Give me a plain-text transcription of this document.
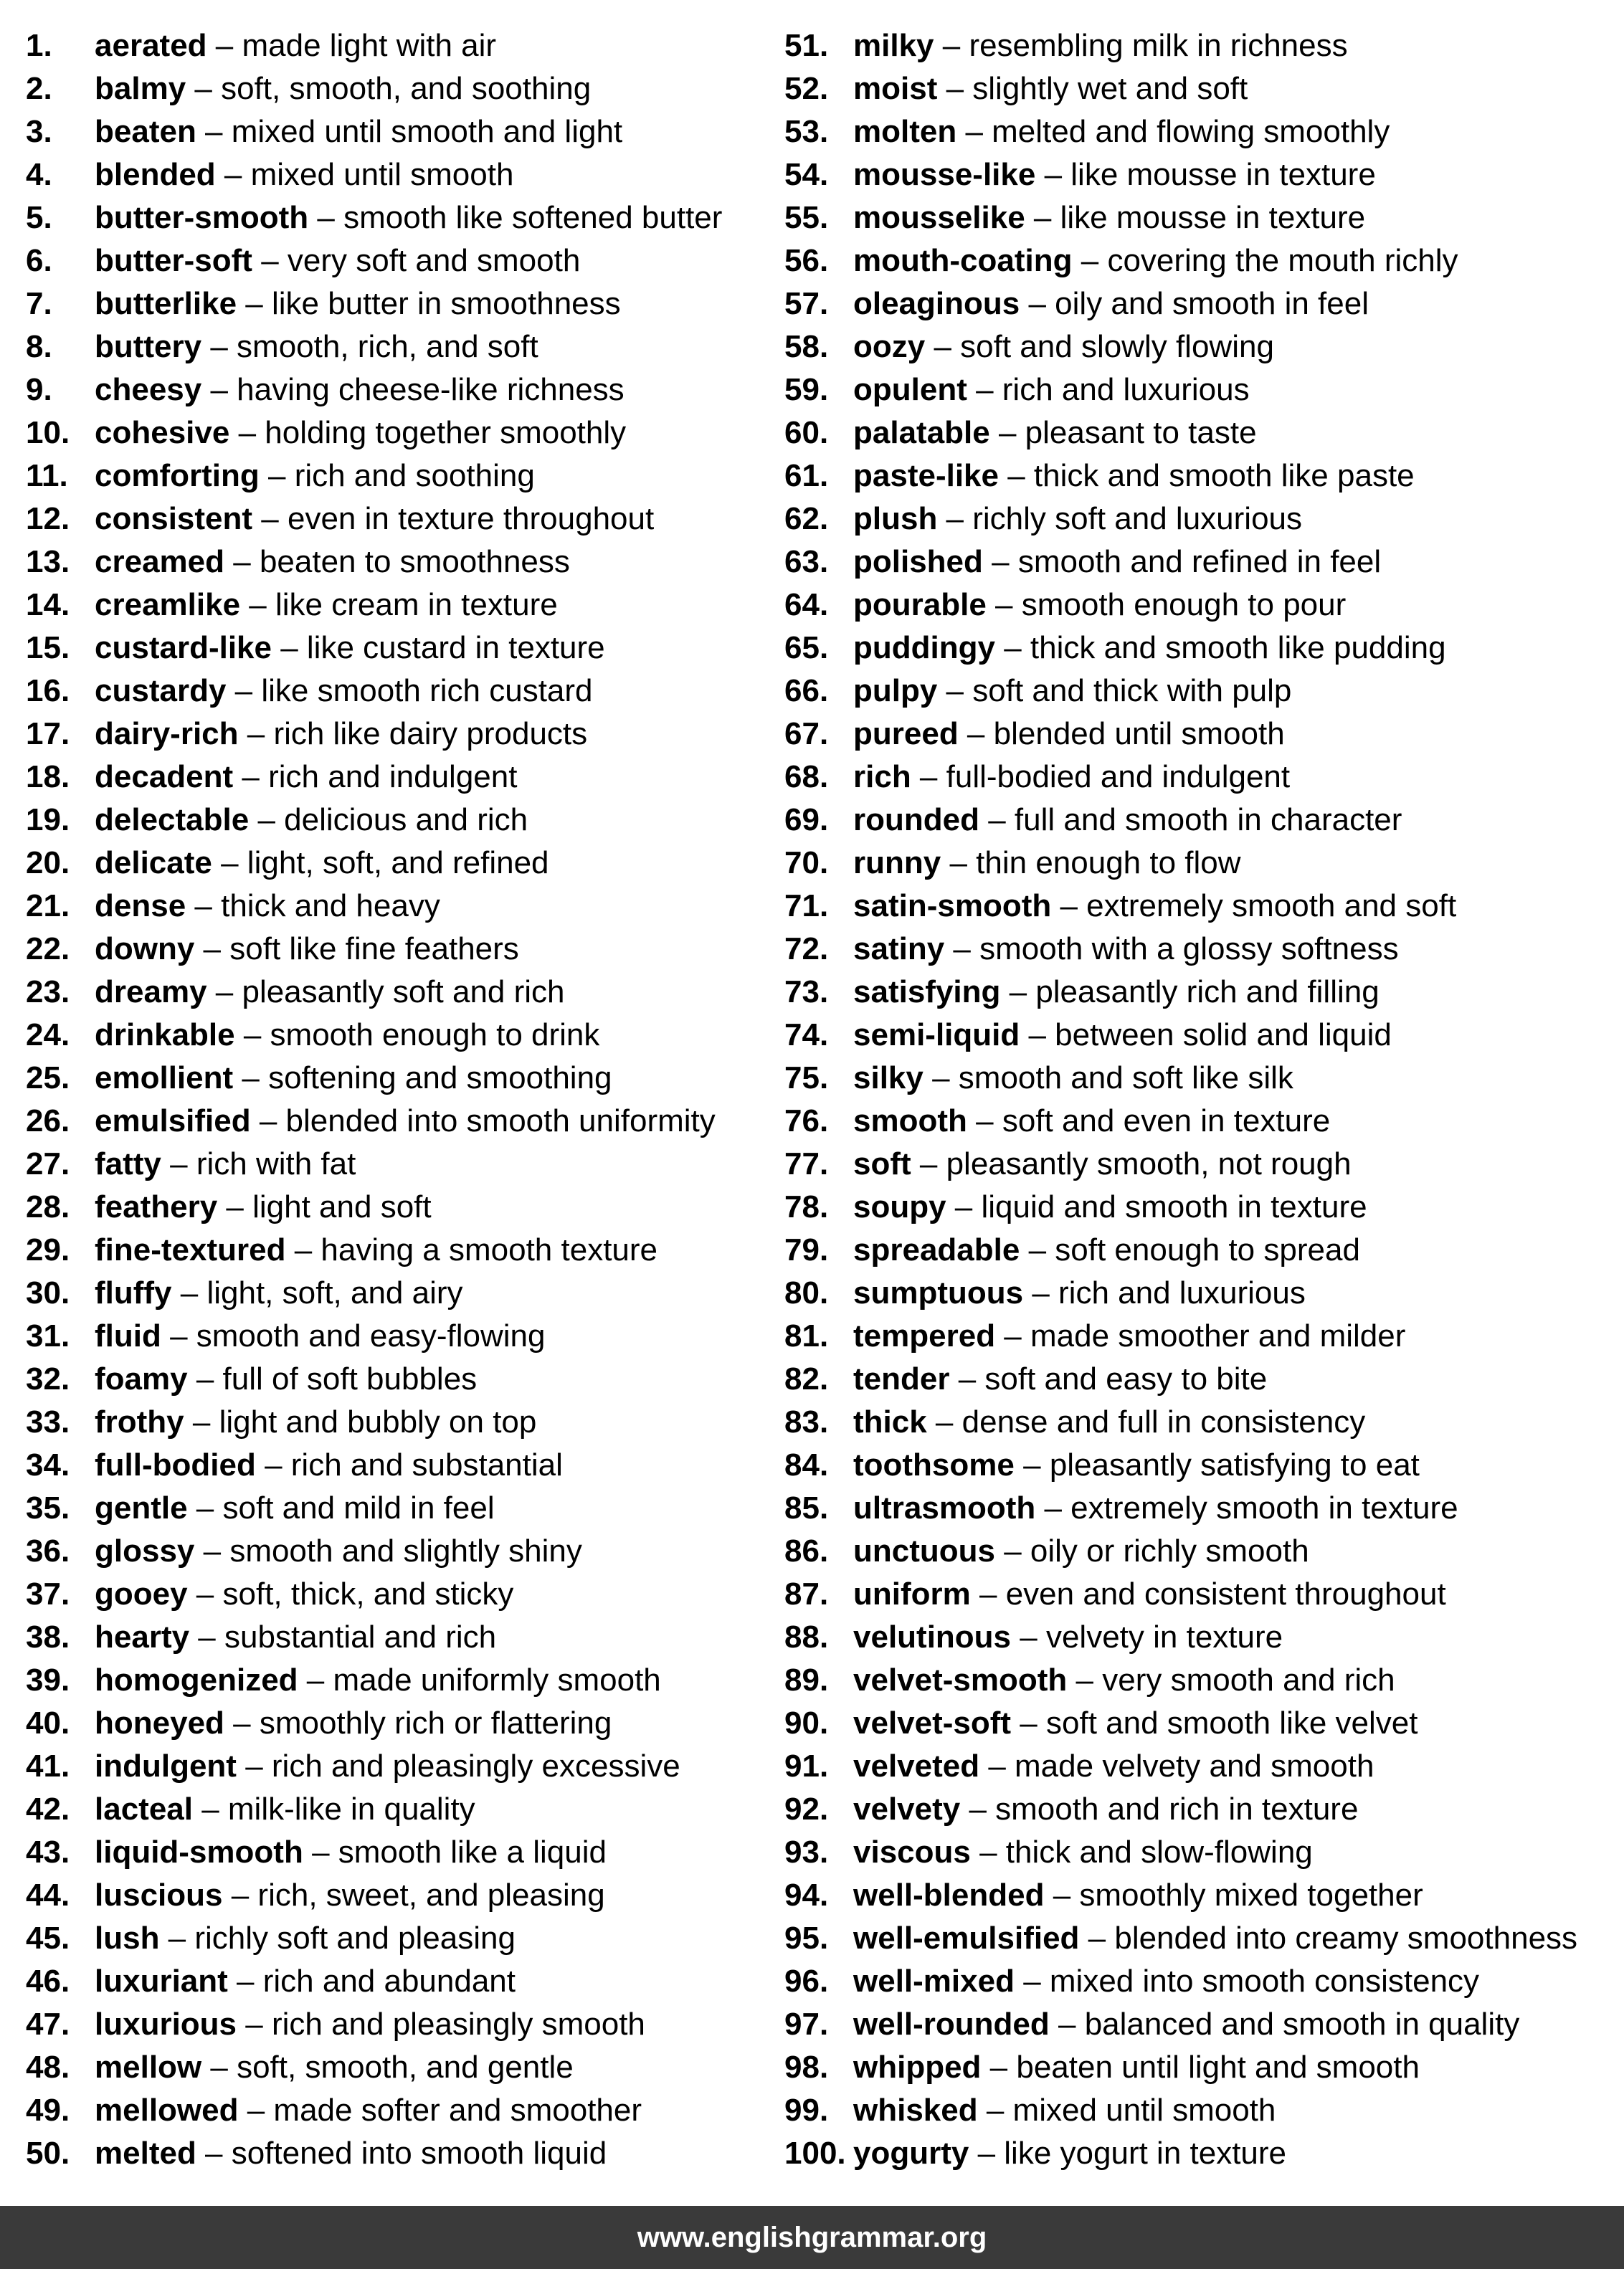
1.	aerated – made light with air
2.	balmy – soft, smooth, and soothing
3.	beaten – mixed until smooth and light
4.	blended – mixed until smooth
5.	butter-smooth – smooth like softened butter
6.	butter-soft – very soft and smooth
7.	butterlike – like butter in smoothness
8.	buttery – smooth, rich, and soft
9.	cheesy – having cheese-like richness
10. cohesive – holding together smoothly
11. comforting – rich and soothing
12. consistent – even in texture throughout
13. creamed – beaten to smoothness
14. creamlike – like cream in texture
15. custard-like – like custard in texture
16. custardy – like smooth rich custard
17. dairy-rich – rich like dairy products
18. decadent – rich and indulgent
19. delectable – delicious and rich
20. delicate – light, soft, and refined
21. dense – thick and heavy
22. downy – soft like fine feathers
23. dreamy – pleasantly soft and rich
24. drinkable – smooth enough to drink
25. emollient – softening and smoothing
26. emulsified – blended into smooth uniformity
27. fatty – rich with fat
28. feathery – light and soft
29. fine-textured – having a smooth texture
30. fluffy – light, soft, and airy
31. fluid – smooth and easy-flowing
32. foamy – full of soft bubbles
33. frothy – light and bubbly on top
34. full-bodied – rich and substantial
35. gentle – soft and mild in feel
36. glossy – smooth and slightly shiny
37. gooey – soft, thick, and sticky
38. hearty – substantial and rich
39. homogenized – made uniformly smooth
40. honeyed – smoothly rich or flattering
41. indulgent – rich and pleasingly excessive
42. lacteal – milk-like in quality
43. liquid-smooth – smooth like a liquid
44. luscious – rich, sweet, and pleasing
45. lush – richly soft and pleasing
46. luxuriant – rich and abundant
47. luxurious – rich and pleasingly smooth
48. mellow – soft, smooth, and gentle
49. mellowed – made softer and smoother
50. melted – softened into smooth liquid
51. milky – resembling milk in richness
52. moist – slightly wet and soft
53. molten – melted and flowing smoothly
54. mousse-like – like mousse in texture
55. mousselike – like mousse in texture
56. mouth-coating – covering the mouth richly
57. oleaginous – oily and smooth in feel
58. oozy – soft and slowly flowing
59. opulent – rich and luxurious
60. palatable – pleasant to taste
61. paste-like – thick and smooth like paste
62. plush – richly soft and luxurious
63. polished – smooth and refined in feel
64. pourable – smooth enough to pour
65. puddingy – thick and smooth like pudding
66. pulpy – soft and thick with pulp
67. pureed – blended until smooth
68. rich – full-bodied and indulgent
69. rounded – full and smooth in character
70. runny – thin enough to flow
71. satin-smooth – extremely smooth and soft
72. satiny – smooth with a glossy softness
73. satisfying – pleasantly rich and filling
74. semi-liquid – between solid and liquid
75. silky – smooth and soft like silk
76. smooth – soft and even in texture
77. soft – pleasantly smooth, not rough
78. soupy – liquid and smooth in texture
79. spreadable – soft enough to spread
80. sumptuous – rich and luxurious
81. tempered – made smoother and milder
82. tender – soft and easy to bite
83. thick – dense and full in consistency
84. toothsome – pleasantly satisfying to eat
85. ultrasmooth – extremely smooth in texture
86. unctuous – oily or richly smooth
87. uniform – even and consistent throughout
88. velutinous – velvety in texture
89. velvet-smooth – very smooth and rich
90. velvet-soft – soft and smooth like velvet
91. velveted – made velvety and smooth
92. velvety – smooth and rich in texture
93. viscous – thick and slow-flowing
94. well-blended – smoothly mixed together
95. well-emulsified – blended into creamy smoothness
96. well-mixed – mixed into smooth consistency
97. well-rounded – balanced and smooth in quality
98. whipped – beaten until light and smooth
99. whisked – mixed until smooth
100. yogurty – like yogurt in texture
www.englishgrammar.org
